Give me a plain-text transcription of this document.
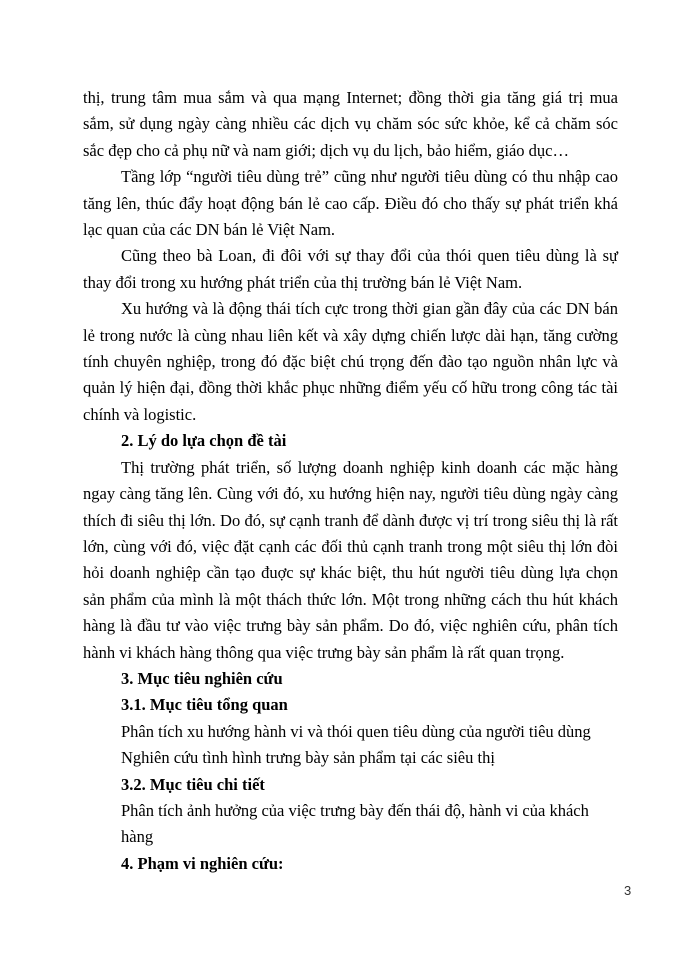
thị, trung tâm mua sắm và qua mạng Internet; đồng thời gia tăng giá trị mua sắm, sử dụng ngày càng nhiều các dịch vụ chăm sóc sức khỏe, kể cả chăm sóc sắc đẹp cho cả phụ nữ và nam giới; dịch vụ du lịch, bảo hiểm, giáo dục…

Tầng lớp “người tiêu dùng trẻ” cũng như người tiêu dùng có thu nhập cao tăng lên, thúc đẩy hoạt động bán lẻ cao cấp. Điều đó cho thấy sự phát triển khá lạc quan của các DN bán lẻ Việt Nam.

Cũng theo bà Loan, đi đôi với sự thay đổi của thói quen tiêu dùng là sự thay đổi trong xu hướng phát triển của thị trường bán lẻ Việt Nam.

Xu hướng và là động thái tích cực trong thời gian gần đây của các DN bán lẻ trong nước là cùng nhau liên kết và xây dựng chiến lược dài hạn, tăng cường tính chuyên nghiệp, trong đó đặc biệt chú trọng đến đào tạo nguồn nhân lực và quản lý hiện đại, đồng thời khắc phục những điểm yếu cố hữu trong công tác tài chính và logistic.

2. Lý do lựa chọn đề tài

Thị trường phát triển, số lượng doanh nghiệp kinh doanh các mặc hàng ngay càng tăng lên. Cùng với đó, xu hướng hiện nay, người tiêu dùng ngày càng thích đi siêu thị lớn. Do đó, sự cạnh tranh để dành được vị trí trong siêu thị là rất lớn, cùng với đó, việc đặt cạnh các đối thủ cạnh tranh trong một siêu thị lớn đòi hỏi doanh nghiệp cần tạo đuợc sự khác biệt, thu hút người tiêu dùng lựa chọn sản phẩm của mình là một thách thức lớn. Một trong những cách thu hút khách hàng là đầu tư vào việc trưng bày sản phẩm. Do đó, việc nghiên cứu, phân tích hành vi khách hàng thông qua việc trưng bày sản phẩm là rất quan trọng.

3. Mục tiêu nghiên cứu

3.1. Mục tiêu tổng quan

Phân tích xu hướng hành vi và thói quen tiêu dùng của người tiêu dùng

Nghiên cứu tình hình trưng bày sản phẩm tại các siêu thị

3.2. Mục tiêu chi tiết

Phân tích ảnh hưởng của việc trưng bày đến thái độ, hành vi của khách hàng

4. Phạm vi nghiên cứu:

3
